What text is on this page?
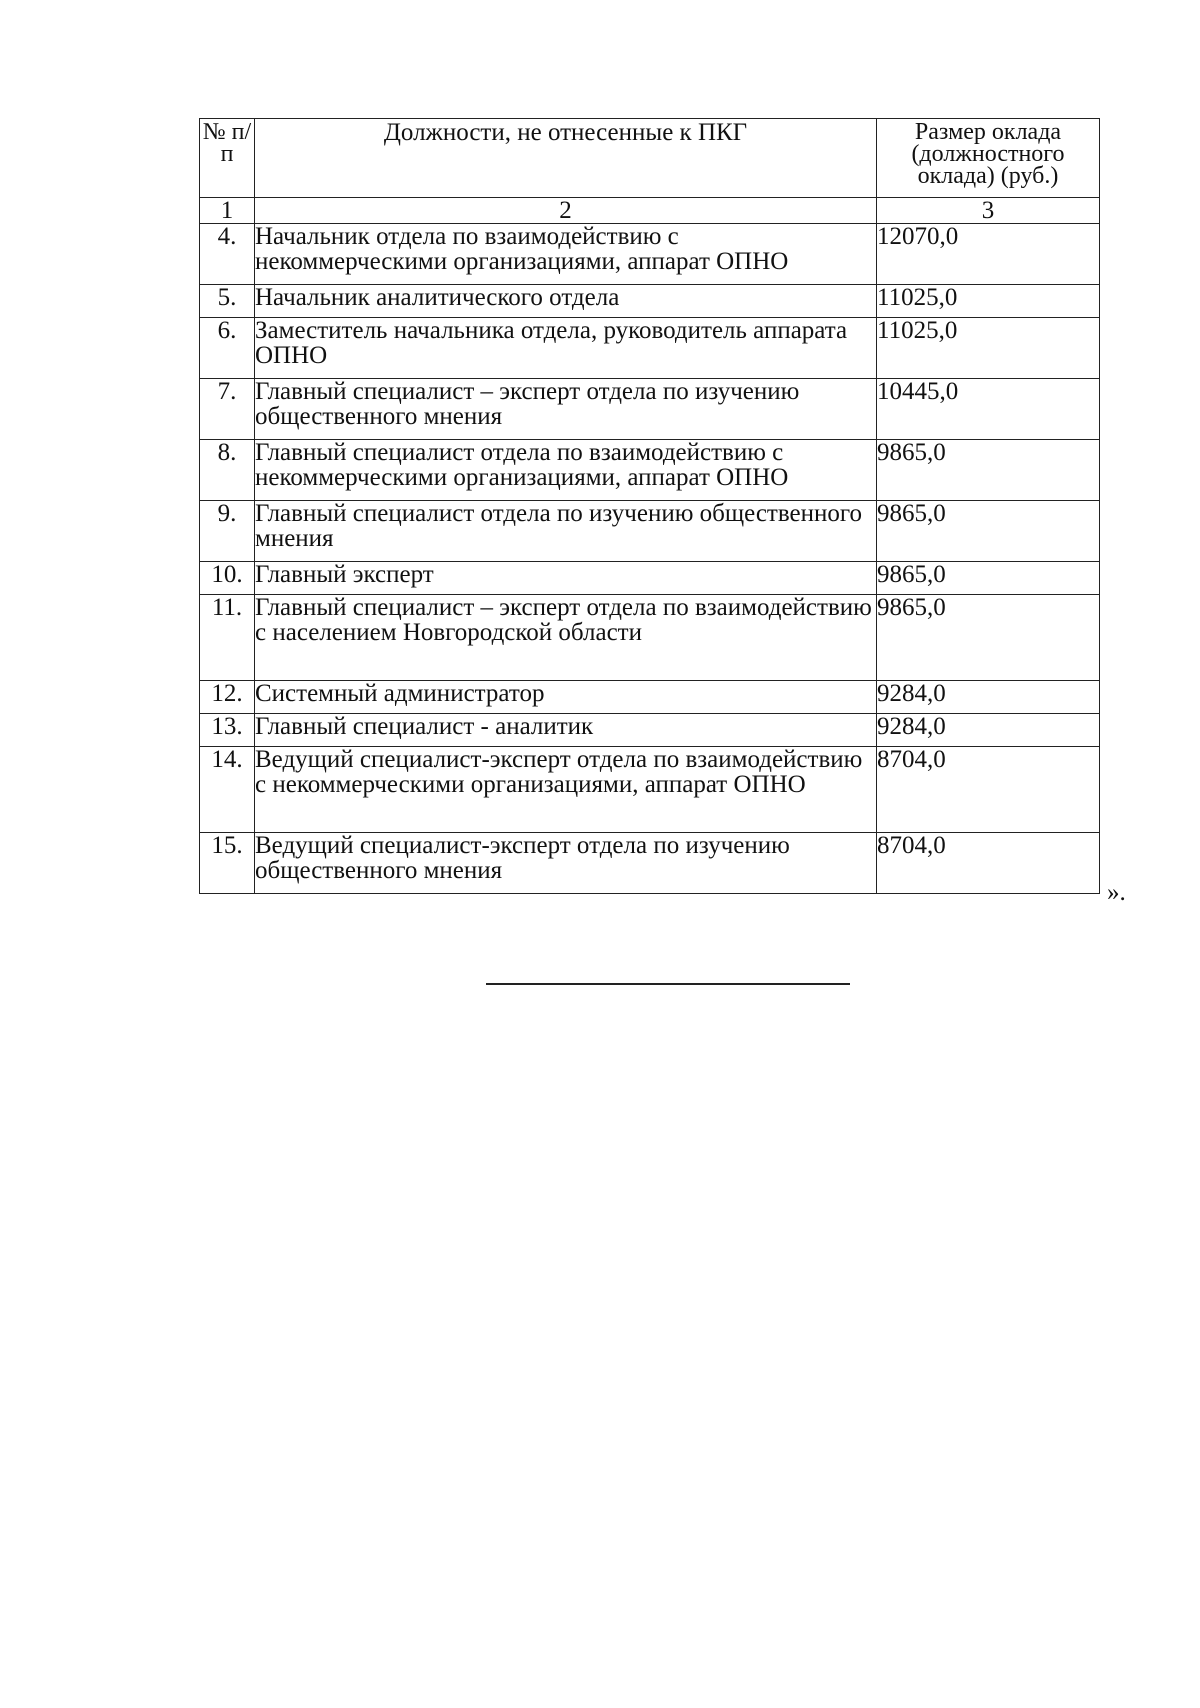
№ п/п	Должности, не отнесенные к ПКГ	Размер оклада (должностного оклада) (руб.)
1	2	3
4.	Начальник отдела по взаимодействию с некоммерческими организациями, аппарат ОПНО	12070,0
5.	Начальник аналитического отдела	11025,0
6.	Заместитель начальника отдела, руководитель аппарата ОПНО	11025,0
7.	Главный специалист – эксперт отдела по изучению общественного мнения	10445,0
8.	Главный специалист отдела по взаимодействию с некоммерческими организациями, аппарат ОПНО	9865,0
9.	Главный специалист отдела по изучению общественного мнения	9865,0
10.	Главный эксперт	9865,0
11.	Главный специалист – эксперт отдела по взаимодействию с населением Новгородской области	9865,0
12.	Системный администратор	9284,0
13.	Главный специалист - аналитик	9284,0
14.	Ведущий специалист-эксперт отдела по взаимодействию с некоммерческими организациями, аппарат ОПНО	8704,0
15.	Ведущий специалист-эксперт отдела по изучению общественного мнения	8704,0
».
